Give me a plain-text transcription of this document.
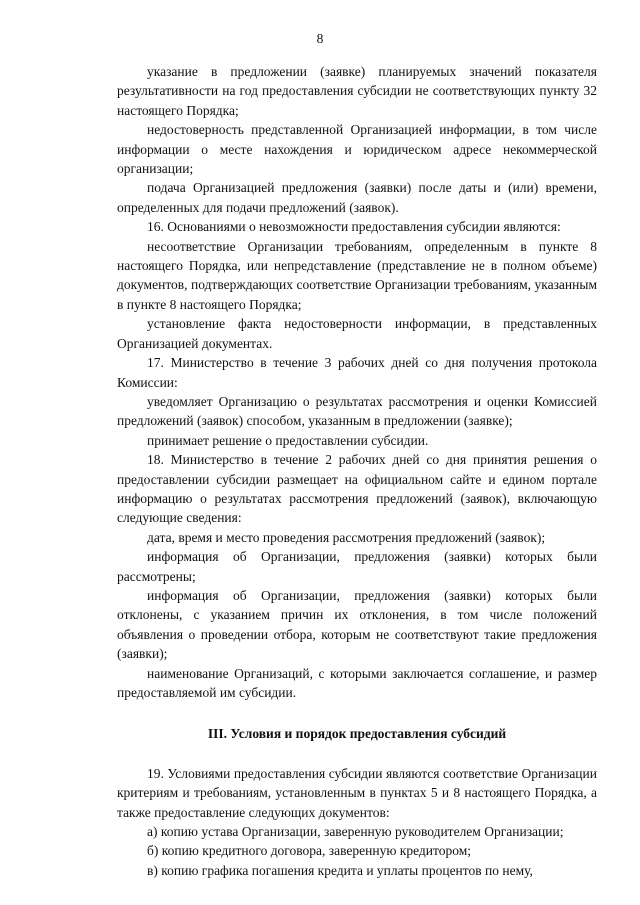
8

указание в предложении (заявке) планируемых значений показателя результативности на год предоставления субсидии не соответствующих пункту 32 настоящего Порядка;

недостоверность представленной Организацией информации, в том числе информации о месте нахождения и юридическом адресе некоммерческой организации;

подача Организацией предложения (заявки) после даты и (или) времени, определенных для подачи предложений (заявок).

16. Основаниями о невозможности предоставления субсидии являются:

несоответствие Организации требованиям, определенным в пункте 8 настоящего Порядка, или непредставление (представление не в полном объеме) документов, подтверждающих соответствие Организации требованиям, указанным в пункте 8 настоящего Порядка;

установление факта недостоверности информации, в представленных Организацией документах.

17. Министерство в течение 3 рабочих дней со дня получения протокола Комиссии:

уведомляет Организацию о результатах рассмотрения и оценки Комиссией предложений (заявок) способом, указанным в предложении (заявке);

принимает решение о предоставлении субсидии.

18. Министерство в течение 2 рабочих дней со дня принятия решения о предоставлении субсидии размещает на официальном сайте и едином портале информацию о результатах рассмотрения предложений (заявок), включающую следующие сведения:

дата, время и место проведения рассмотрения предложений (заявок);

информация об Организации, предложения (заявки) которых были рассмотрены;

информация об Организации, предложения (заявки) которых были отклонены, с указанием причин их отклонения, в том числе положений объявления о проведении отбора, которым не соответствуют такие предложения (заявки);

наименование Организаций, с которыми заключается соглашение, и размер предоставляемой им субсидии.

III. Условия и порядок предоставления субсидий

19. Условиями предоставления субсидии являются соответствие Организации критериям и требованиям, установленным в пунктах 5 и 8 настоящего Порядка, а также предоставление следующих документов:

а) копию устава Организации, заверенную руководителем Организации;

б) копию кредитного договора, заверенную кредитором;

в) копию графика погашения кредита и уплаты процентов по нему,
